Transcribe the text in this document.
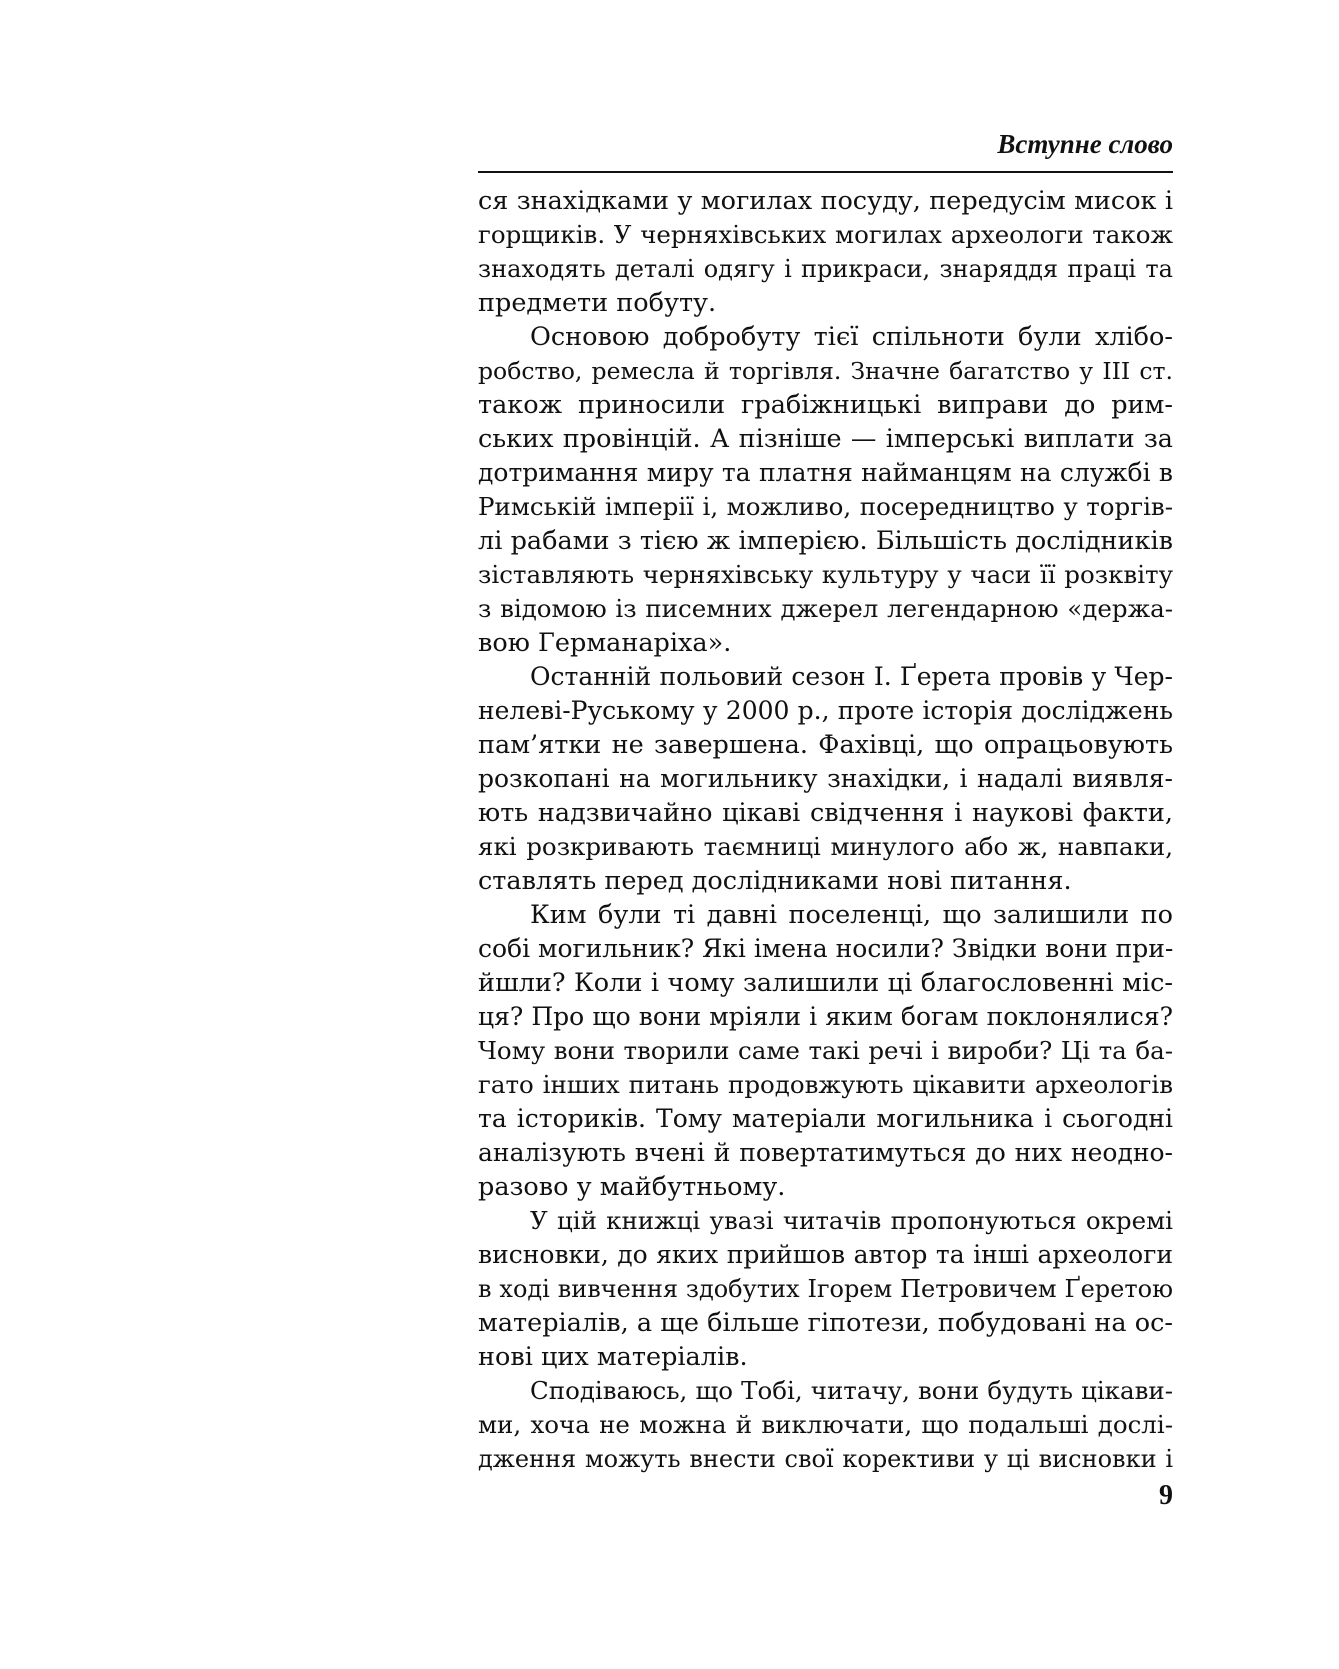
Вступне слово
ся знахідками у могилах посуду, передусім мисок і
горщиків. У черняхівських могилах археологи також
знаходять деталі одягу і прикраси, знаряддя праці та
предмети побуту.
Основою добробуту тієї спільноти були хлібо-
робство, ремесла й торгівля. Значне багатство у III ст.
також приносили грабіжницькі виправи до рим-
ських провінцій. А пізніше — імперські виплати за
дотримання миру та платня найманцям на службі в
Римській імперії і, можливо, посередництво у торгів-
лі рабами з тією ж імперією. Більшість дослідників
зіставляють черняхівську культуру у часи її розквіту
з відомою із писемних джерел легендарною «держа-
вою Германаріха».
Останній польовий сезон І. Ґерета провів у Чер-
нелеві-Руському у 2000 р., проте історія досліджень
пам’ятки не завершена. Фахівці, що опрацьовують
розкопані на могильнику знахідки, і надалі виявля-
ють надзвичайно цікаві свідчення і наукові факти,
які розкривають таємниці минулого або ж, навпаки,
ставлять перед дослідниками нові питання.
Ким були ті давні поселенці, що залишили по
собі могильник? Які імена носили? Звідки вони при-
йшли? Коли і чому залишили ці благословенні міс-
ця? Про що вони мріяли і яким богам поклонялися?
Чому вони творили саме такі речі і вироби? Ці та ба-
гато інших питань продовжують цікавити археологів
та істориків. Тому матеріали могильника і сьогодні
аналізують вчені й повертатимуться до них неодно-
разово у майбутньому.
У цій книжці увазі читачів пропонуються окремі
висновки, до яких прийшов автор та інші археологи
в ході вивчення здобутих Ігорем Петровичем Ґеретою
матеріалів, а ще більше гіпотези, побудовані на ос-
нові цих матеріалів.
Сподіваюсь, що Тобі, читачу, вони будуть цікави-
ми, хоча не можна й виключати, що подальші дослі-
дження можуть внести свої корективи у ці висновки і
9
